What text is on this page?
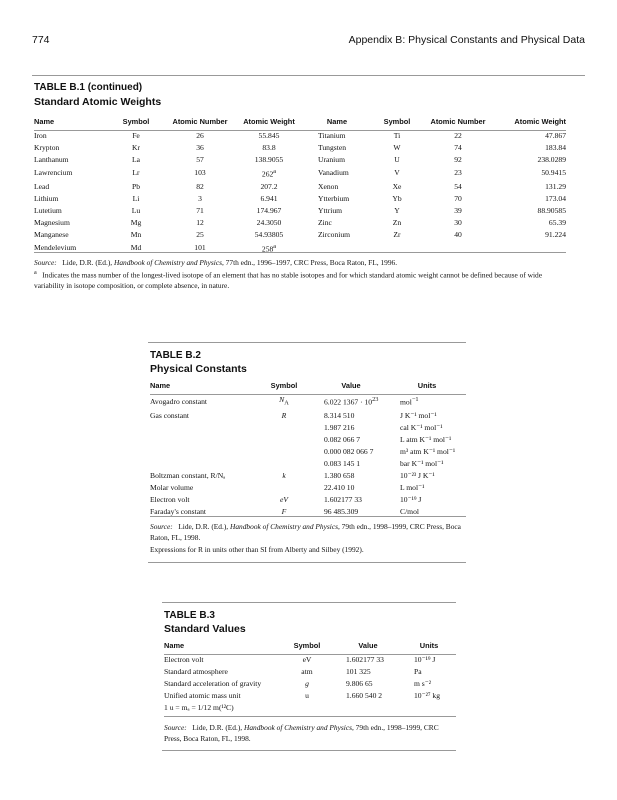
774	Appendix B: Physical Constants and Physical Data
TABLE B.1 (continued)
Standard Atomic Weights
Name	Symbol	Atomic Number	Atomic Weight	Name	Symbol	Atomic Number	Atomic Weight
Iron	Fe	26	55.845	Titanium	Ti	22	47.867
Krypton	Kr	36	83.8	Tungsten	W	74	183.84
Lanthanum	La	57	138.9055	Uranium	U	92	238.0289
Lawrencium	Lr	103	262$^a$	Vanadium	V	23	50.9415
Lead	Pb	82	207.2	Xenon	Xe	54	131.29
Lithium	Li	3	6.941	Ytterbium	Yb	70	173.04
Lutetium	Lu	71	174.967	Yttrium	Y	39	88.90585
Magnesium	Mg	12	24.3050	Zinc	Zn	30	65.39
Manganese	Mn	25	54.93805	Zirconium	Zr	40	91.224
Mendelevium	Md	101	258$^a$				
Source: Lide, D.R. (Ed.), Handbook of Chemistry and Physics, 77th edn., 1996–1997, CRC Press, Boca Raton, FL, 1996.
$^a$ Indicates the mass number of the longest-lived isotope of an element that has no stable isotopes and for which standard atomic weight cannot be defined because of wide variability in isotope composition, or complete absence, in nature.
TABLE B.2
Physical Constants
Name	Symbol	Value	Units
Avogadro constant	$N_A$	6.022 $1367 \cdot 10^{23}$	mol$^{-1}$
Gas constant	R	8.314 510	J K⁻¹ mol⁻¹
		1.987 216	cal K⁻¹ mol⁻¹
		0.082 066 7	L atm K⁻¹ mol⁻¹
		0.000 082 066 7	m³ atm K⁻¹ mol⁻¹
		0.083 145 1	bar K⁻¹ mol⁻¹
Boltzman constant, R/Nₐ	k	1.380 658	10⁻²³ J K⁻¹
Molar volume		22.410 10	L mol⁻¹
Electron volt	eV	1.602177 33	10⁻¹⁹ J
Faraday's constant	F	96 485.309	C/mol
Source: Lide, D.R. (Ed.), Handbook of Chemistry and Physics, 79th edn., 1998–1999, CRC Press, Boca Raton, FL, 1998.
Expressions for R in units other than SI from Alberty and Silbey (1992).
TABLE B.3
Standard Values
Name	Symbol	Value	Units
Electron volt	eV	1.602177 33	10⁻¹⁹ J
Standard atmosphere	atm	101 325	Pa
Standard acceleration of gravity	g	9.806 65	m s⁻²
Unified atomic mass unit	u	1.660 540 2	10⁻²⁷ kg
1 u = mₐ = 1/12 m(¹²C)			
Source: Lide, D.R. (Ed.), Handbook of Chemistry and Physics, 79th edn., 1998–1999, CRC Press, Boca Raton, FL, 1998.
